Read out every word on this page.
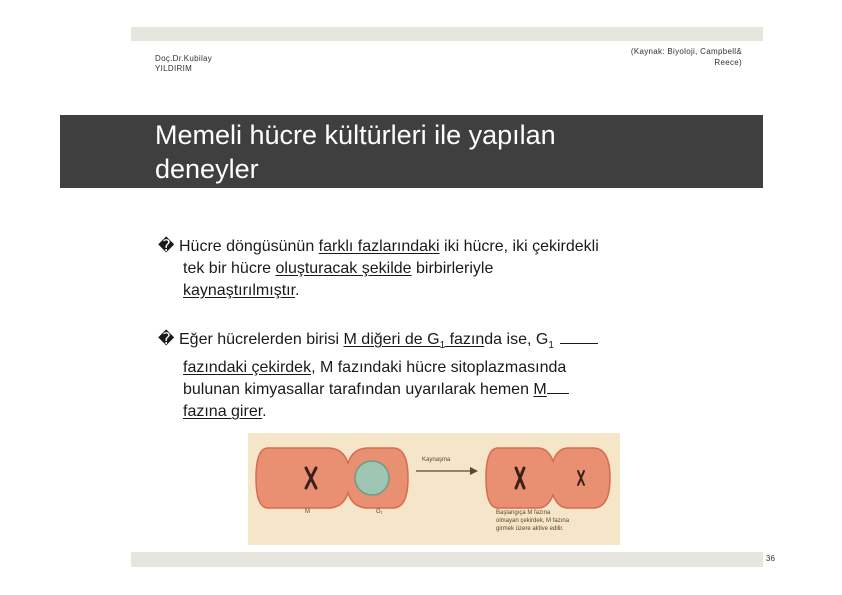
Doç.Dr.Kubilay
YILDIRIM
(Kaynak: Biyoloji, Campbell&
Reece)
Memeli hücre kültürleri ile yapılan
deneyler
� Hücre döngüsünün farklı fazlarındaki iki hücre, iki çekirdekli
tek bir hücre oluşturacak şekilde birbirleriyle
kaynaştırılmıştır.
� Eğer hücrelerden birisi M diğeri de $G_1$ fazında ise, $G_1$
fazındaki çekirdek, M fazındaki hücre sitoplazmasında
bulunan kimyasallar tarafından uyarılarak hemen M
fazına girer.
Kaynaşma
M	G₁	Başlangıça M fazına
olmayan çekirdek, M fazına
girmek üzere aktive edilir.
36
